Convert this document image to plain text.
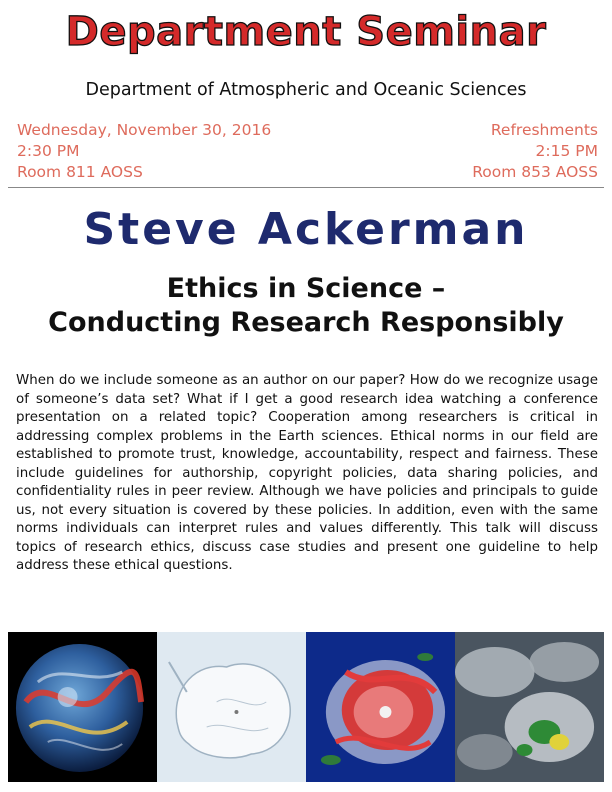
Department Seminar
Department of Atmospheric and Oceanic Sciences
Wednesday, November 30, 2016
2:30 PM
Room 811 AOSS
Refreshments
2:15 PM
Room 853 AOSS
Steve Ackerman
Ethics in Science –
Conducting Research Responsibly
When do we include someone as an author on our paper? How do we recognize usage of someone’s data set? What if I get a good research idea watching a conference presentation on a related topic? Cooperation among researchers is critical in addressing complex problems in the Earth sciences. Ethical norms in our field are established to promote trust, knowledge, accountability, respect and fairness. These include guidelines for authorship, copyright policies, data sharing policies, and confidentiality rules in peer review. Although we have policies and principals to guide us, not every situation is covered by these policies. In addition, even with the same norms individuals can interpret rules and values differently. This talk will discuss topics of research ethics, discuss case studies and present one guideline to help address these ethical questions.
